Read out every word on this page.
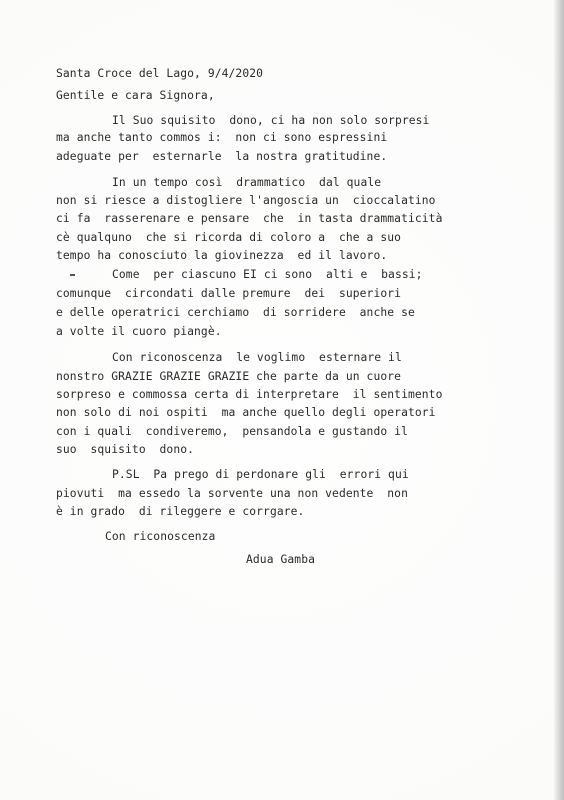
Santa Croce del Lago, 9/4/2020
Gentile e cara Signora,
Il Suo squisito  dono, ci ha non solo sorpresi
ma anche tanto commos i:  non ci sono espressini
adeguate per  esternarle  la nostra gratitudine.
In un tempo così  drammatico  dal quale
non si riesce a distogliere l'angoscia un  cioccalatino
ci fa  rasserenare e pensare  che  in tasta drammaticità
cè qualquno  che si ricorda di coloro a  che a suo
tempo ha conosciuto la giovinezza  ed il lavoro.
Come  per ciascuno EI ci sono  alti e  bassi;
comunque  circondati dalle premure  dei  superiori
e delle operatrici cerchiamo  di sorridere  anche se
a volte il cuoro piangè.
Con riconoscenza  le voglimo  esternare il
nonstro GRAZIE GRAZIE GRAZIE che parte da un cuore
sorpreso e commossa certa di interpretare  il sentimento
non solo di noi ospiti  ma anche quello degli operatori
con i quali  condiveremo,  pensandola e gustando il
suo  squisito  dono.
P.SL  Pa prego di perdonare gli  errori qui
piovuti  ma essedo la sorvente una non vedente  non
è in grado  di rileggere e corrgare.
Con riconoscenza
Adua Gamba
